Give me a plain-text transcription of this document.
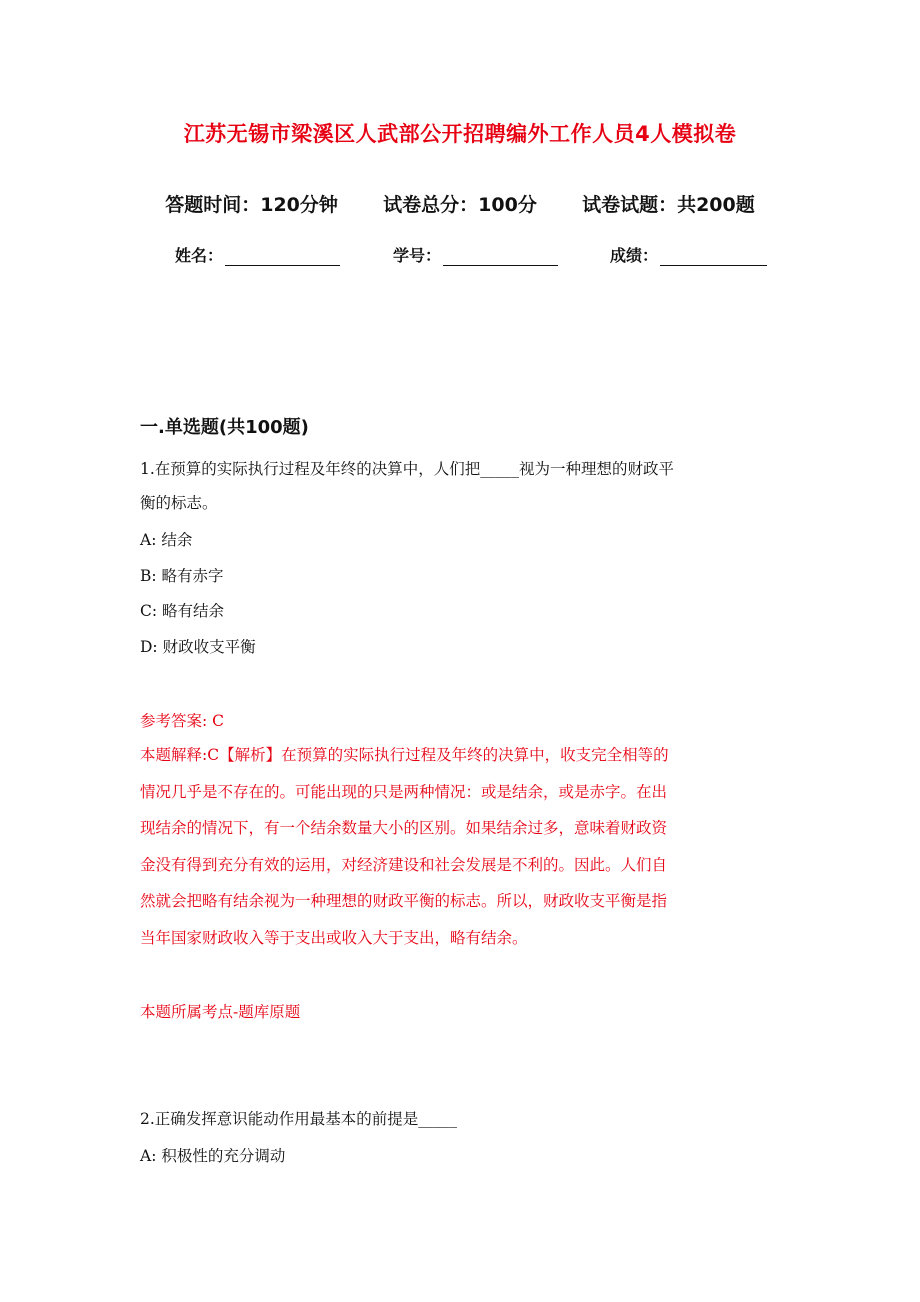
江苏无锡市梁溪区人武部公开招聘编外工作人员4人模拟卷
答题时间：120分钟 试卷总分：100分 试卷试题：共200题
姓名：	学号：	成绩：
一.单选题(共100题)
1.在预算的实际执行过程及年终的决算中，人们把_____视为一种理想的财政平
衡的标志。
A: 结余
B: 略有赤字
C: 略有结余
D: 财政收支平衡
参考答案: C
本题解释:C【解析】在预算的实际执行过程及年终的决算中，收支完全相等的
情况几乎是不存在的。可能出现的只是两种情况：或是结余，或是赤字。在出
现结余的情况下，有一个结余数量大小的区别。如果结余过多，意味着财政资
金没有得到充分有效的运用，对经济建设和社会发展是不利的。因此。人们自
然就会把略有结余视为一种理想的财政平衡的标志。所以，财政收支平衡是指
当年国家财政收入等于支出或收入大于支出，略有结余。
本题所属考点-题库原题
2.正确发挥意识能动作用最基本的前提是_____
A: 积极性的充分调动
